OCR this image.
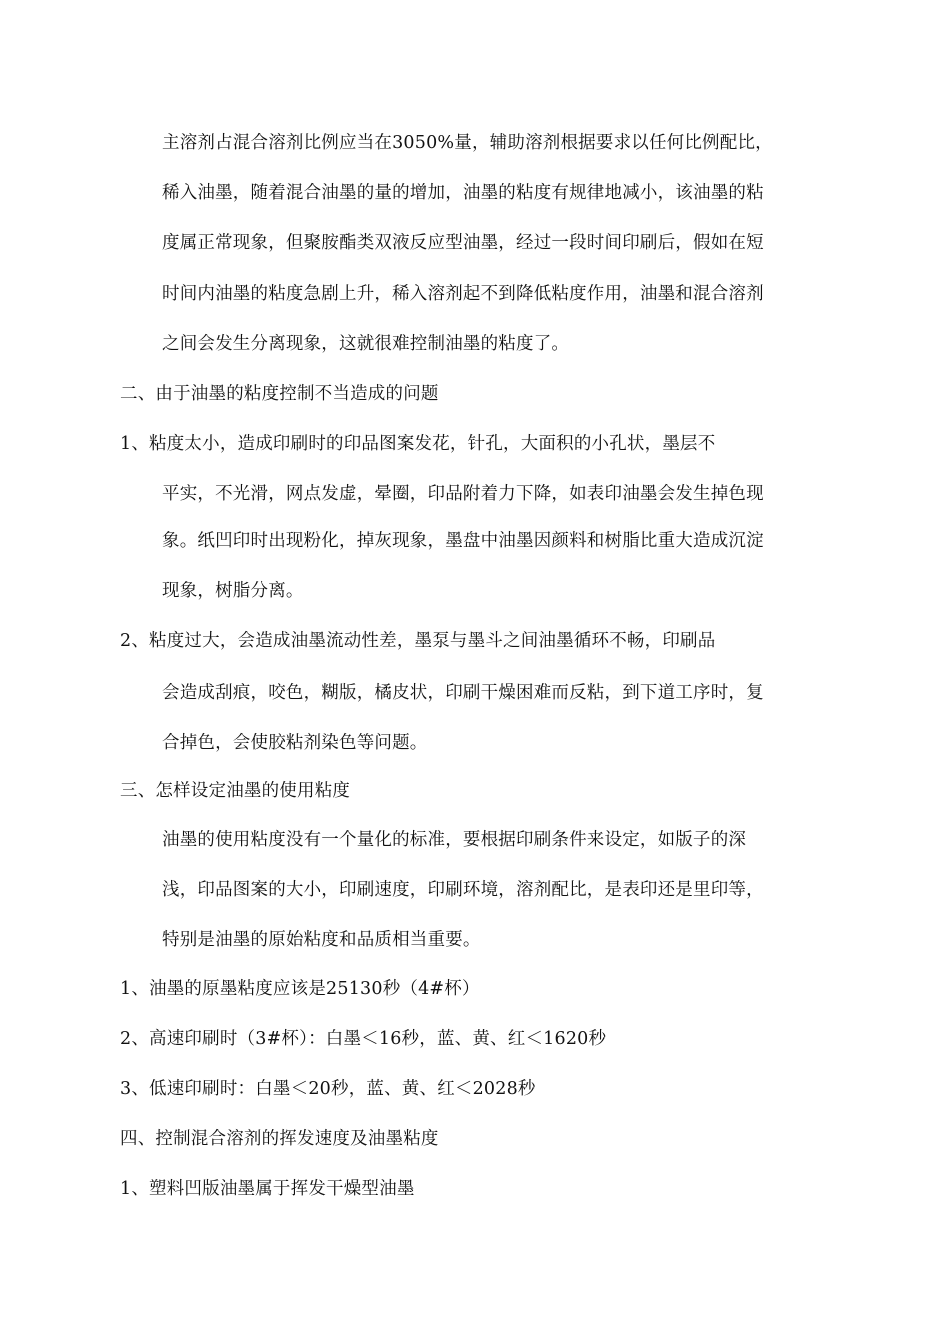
主溶剂占混合溶剂比例应当在3050%量，辅助溶剂根据要求以任何比例配比，
稀入油墨，随着混合油墨的量的增加，油墨的粘度有规律地减小，该油墨的粘
度属正常现象，但聚胺酯类双液反应型油墨，经过一段时间印刷后，假如在短
时间内油墨的粘度急剧上升，稀入溶剂起不到降低粘度作用，油墨和混合溶剂
之间会发生分离现象，这就很难控制油墨的粘度了。
二、由于油墨的粘度控制不当造成的问题
1、粘度太小，造成印刷时的印品图案发花，针孔，大面积的小孔状，墨层不
平实，不光滑，网点发虚，晕圈，印品附着力下降，如表印油墨会发生掉色现
象。纸凹印时出现粉化，掉灰现象，墨盘中油墨因颜料和树脂比重大造成沉淀
现象，树脂分离。
2、粘度过大，会造成油墨流动性差，墨泵与墨斗之间油墨循环不畅，印刷品
会造成刮痕，咬色，糊版，橘皮状，印刷干燥困难而反粘，到下道工序时，复
合掉色，会使胶粘剂染色等问题。
三、怎样设定油墨的使用粘度
油墨的使用粘度没有一个量化的标准，要根据印刷条件来设定，如版子的深
浅，印品图案的大小，印刷速度，印刷环境，溶剂配比，是表印还是里印等，
特别是油墨的原始粘度和品质相当重要。
1、油墨的原墨粘度应该是25130秒（4#杯）
2、高速印刷时（3#杯）：白墨＜16秒，蓝、黄、红＜1620秒
3、低速印刷时：白墨＜20秒，蓝、黄、红＜2028秒
四、控制混合溶剂的挥发速度及油墨粘度
1、塑料凹版油墨属于挥发干燥型油墨
